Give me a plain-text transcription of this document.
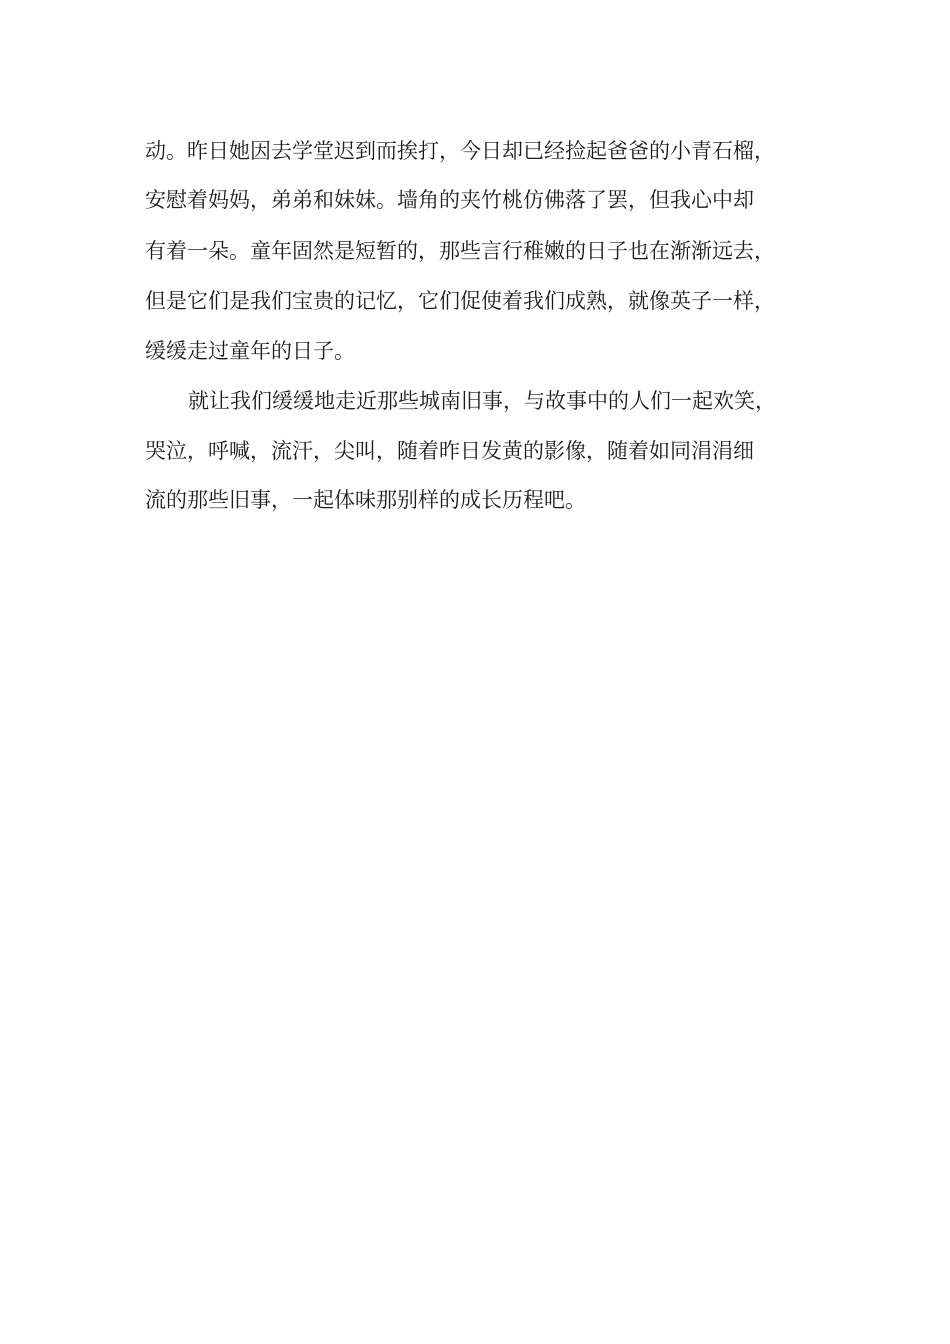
动。昨日她因去学堂迟到而挨打，今日却已经捡起爸爸的小青石榴，
安慰着妈妈，弟弟和妹妹。墙角的夹竹桃仿佛落了罢，但我心中却
有着一朵。童年固然是短暂的，那些言行稚嫩的日子也在渐渐远去，
但是它们是我们宝贵的记忆，它们促使着我们成熟，就像英子一样，
缓缓走过童年的日子。
就让我们缓缓地走近那些城南旧事，与故事中的人们一起欢笑，
哭泣，呼喊，流汗，尖叫，随着昨日发黄的影像，随着如同涓涓细
流的那些旧事，一起体味那别样的成长历程吧。
